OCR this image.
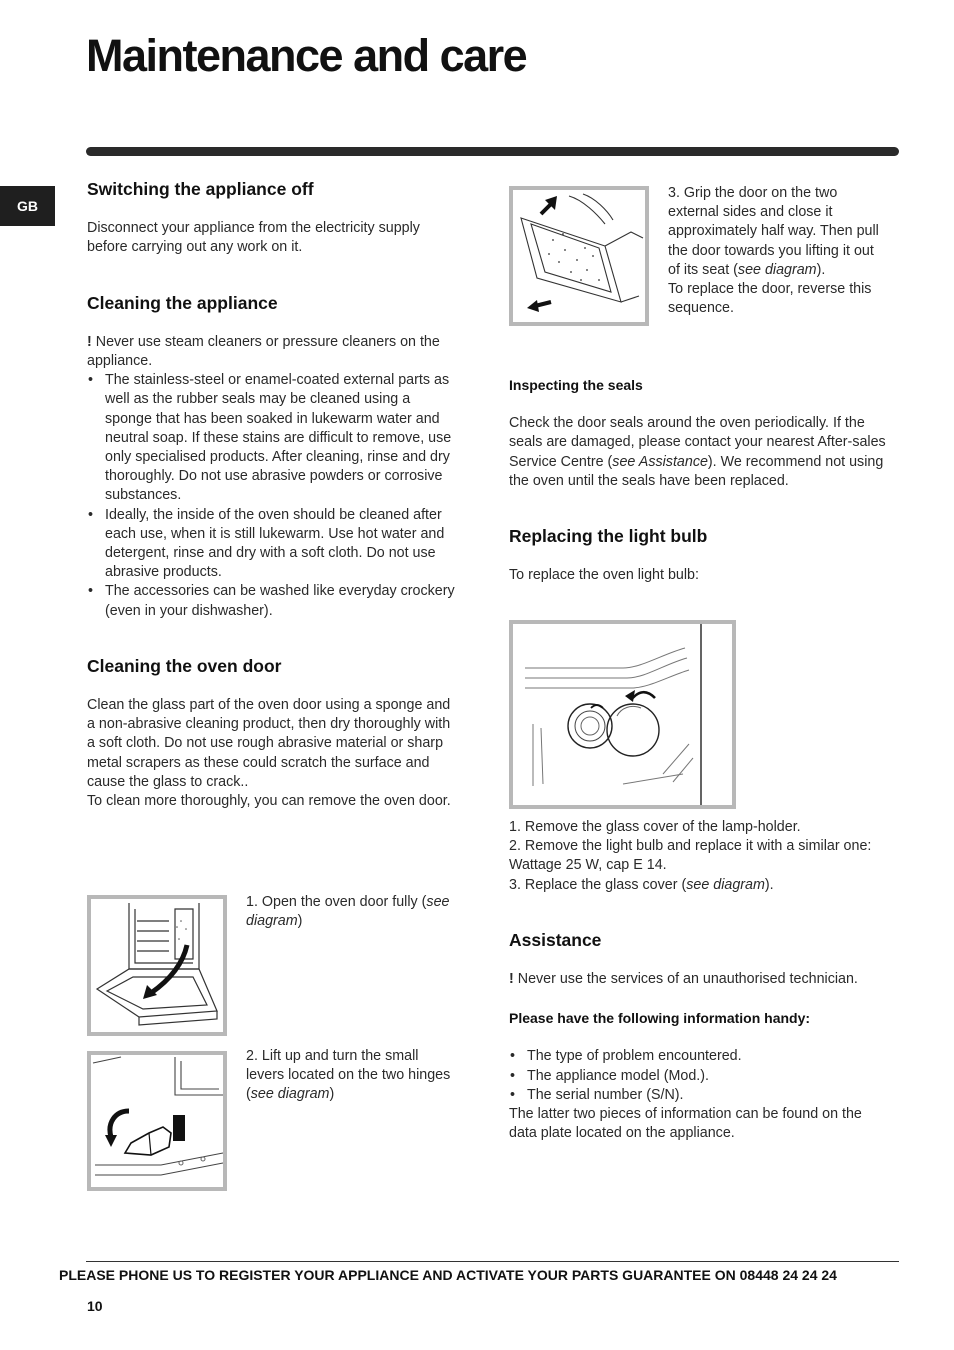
Maintenance and care
GB

Switching the appliance off

Disconnect your appliance from the electricity supply before carrying out any work on it.

Cleaning the appliance

! Never use steam cleaners or pressure cleaners on the appliance.

• The stainless-steel or enamel-coated external parts as well as the rubber seals may be cleaned using a sponge that has been soaked in lukewarm water and neutral soap. If these stains are difficult to remove, use only specialised products. After cleaning, rinse and dry thoroughly. Do not use abrasive powders or corrosive substances.
• Ideally, the inside of the oven should be cleaned after each use, when it is still lukewarm. Use hot water and detergent, rinse and dry with a soft cloth. Do not use abrasive products.
• The accessories can be washed like everyday crockery (even in your dishwasher).

Cleaning the oven door

Clean the glass part of the oven door using a sponge and a non-abrasive cleaning product, then dry thoroughly with a soft cloth. Do not use rough abrasive material or sharp metal scrapers as these could scratch the surface and cause the glass to crack..

To clean more thoroughly, you can remove the oven door.

1. Open the oven door fully (see diagram)

2. Lift up and turn the small levers located on the two hinges (see diagram)

3. Grip the door on the two external sides and close it approximately half way. Then pull the door towards you lifting it out of its seat (see diagram).

To replace the door, reverse this sequence.

Inspecting the seals

Check the door seals around the oven periodically. If the seals are damaged, please contact your nearest After-sales Service Centre (see Assistance). We recommend not using the oven until the seals have been replaced.

Replacing the light bulb

To replace the oven light bulb:

1. Remove the glass cover of the lamp-holder.

2. Remove the light bulb and replace it with a similar one: Wattage 25 W, cap E 14.

3. Replace the glass cover (see diagram).

Assistance

! Never use the services of an unauthorised technician.

Please have the following information handy:

• The type of problem encountered.
• The appliance model (Mod.).
• The serial number (S/N).

The latter two pieces of information can be found on the data plate located on the appliance.

PLEASE PHONE US TO REGISTER YOUR APPLIANCE AND ACTIVATE YOUR PARTS GUARANTEE ON 08448 24 24 24
10
